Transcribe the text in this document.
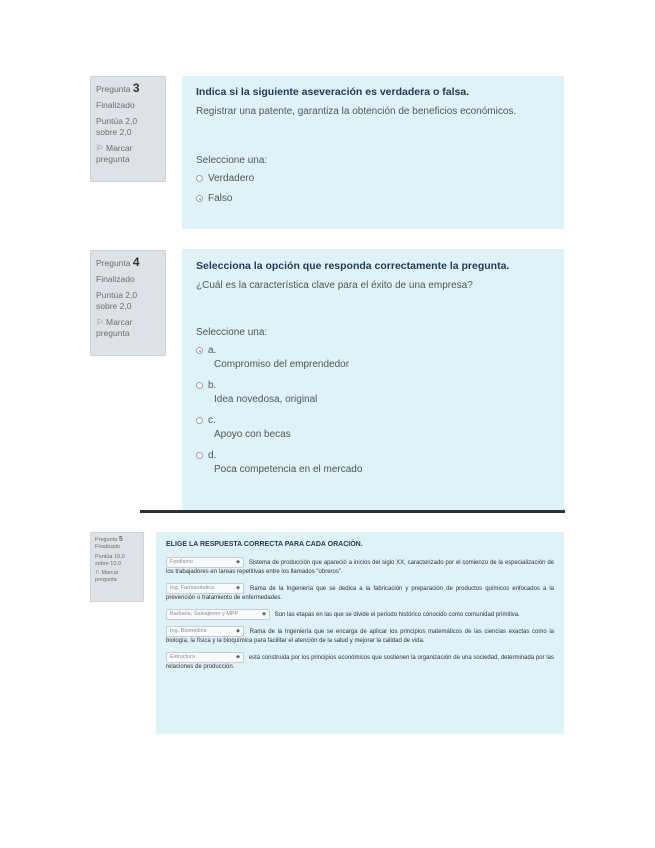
Pregunta 3
Finalizado
Puntúa 2,0
sobre 2,0
⚐ Marcar
pregunta
Indica si la siguiente aseveración es verdadera o falsa.
Registrar una patente, garantiza la obtención de beneficios económicos.
Seleccione una:
Verdadero
Falso
Pregunta 4
Finalizado
Puntúa 2,0
sobre 2,0
⚐ Marcar
pregunta
Selecciona la opción que responda correctamente la pregunta.
¿Cuál es la característica clave para el éxito de una empresa?
Seleccione una:
a.
Compromiso del emprendedor
b.
Idea novedosa, original
c.
Apoyo con becas
d.
Poca competencia en el mercado
Pregunta 5
Finalizado
Puntúa 10,0
sobre 10,0
⚐ Marcar
pregunta
ELIGE LA RESPUESTA CORRECTA PARA CADA ORACIÓN.
Fordismo	◆ Sistema de producción que apareció a inicios del siglo XX, caracterizado por el comienzo de la especialización de los trabajadores en tareas repetitivas entre los llamados "obreros".
Ing. Farmacéutica	◆ Rama de la Ingeniería que se dedica a la fabricación y preparación de productos químicos enfocados a la prevención o tratamiento de enfermedades.
Barbarie, Salvajismo y MPP	◆ Son las etapas en las que se divide el periodo histórico conocido como comunidad primitiva.
Ing. Biomédica	◆ Rama de la Ingeniería que se encarga de aplicar los principios matemáticos de las ciencias exactas como la biología, la física y la bioquímica para facilitar el atención de la salud y mejorar la calidad de vida.
Estructura	◆ está construida por los principios económicos que sostienen la organización de una sociedad, determinada por las relaciones de producción.
